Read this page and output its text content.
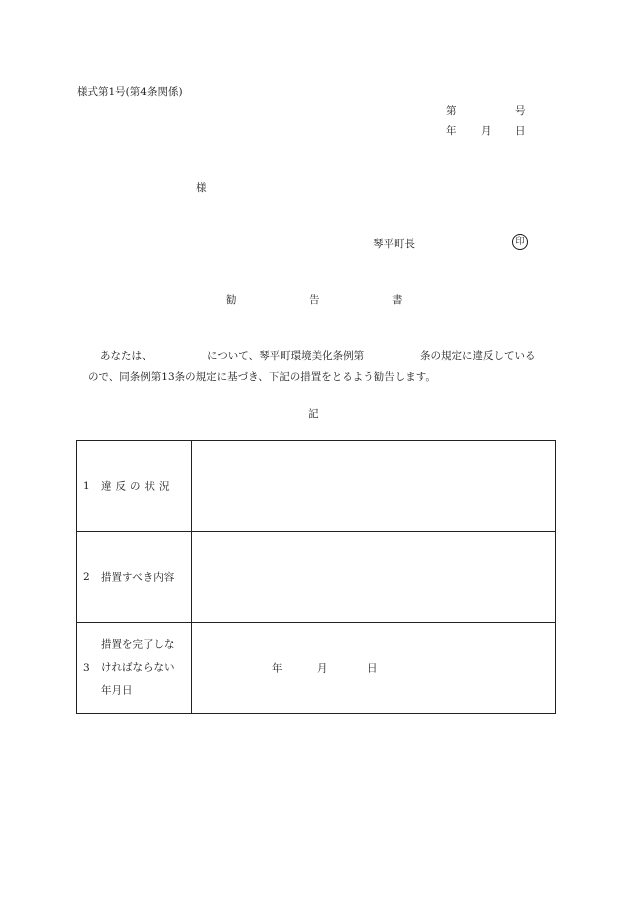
様式第1号(第4条関係)
第	号
年 月 日
様
琴平町長	印
勧	告	書
あなたは、	について、琴平町環境美化条例第	条の規定に違反している
ので、同条例第13条の規定に基づき、下記の措置をとるよう勧告します。
記
1 違反の状況	

2 措置すべき内容	

3
措置を完了しな
ければならない
年月日	年 月 日
